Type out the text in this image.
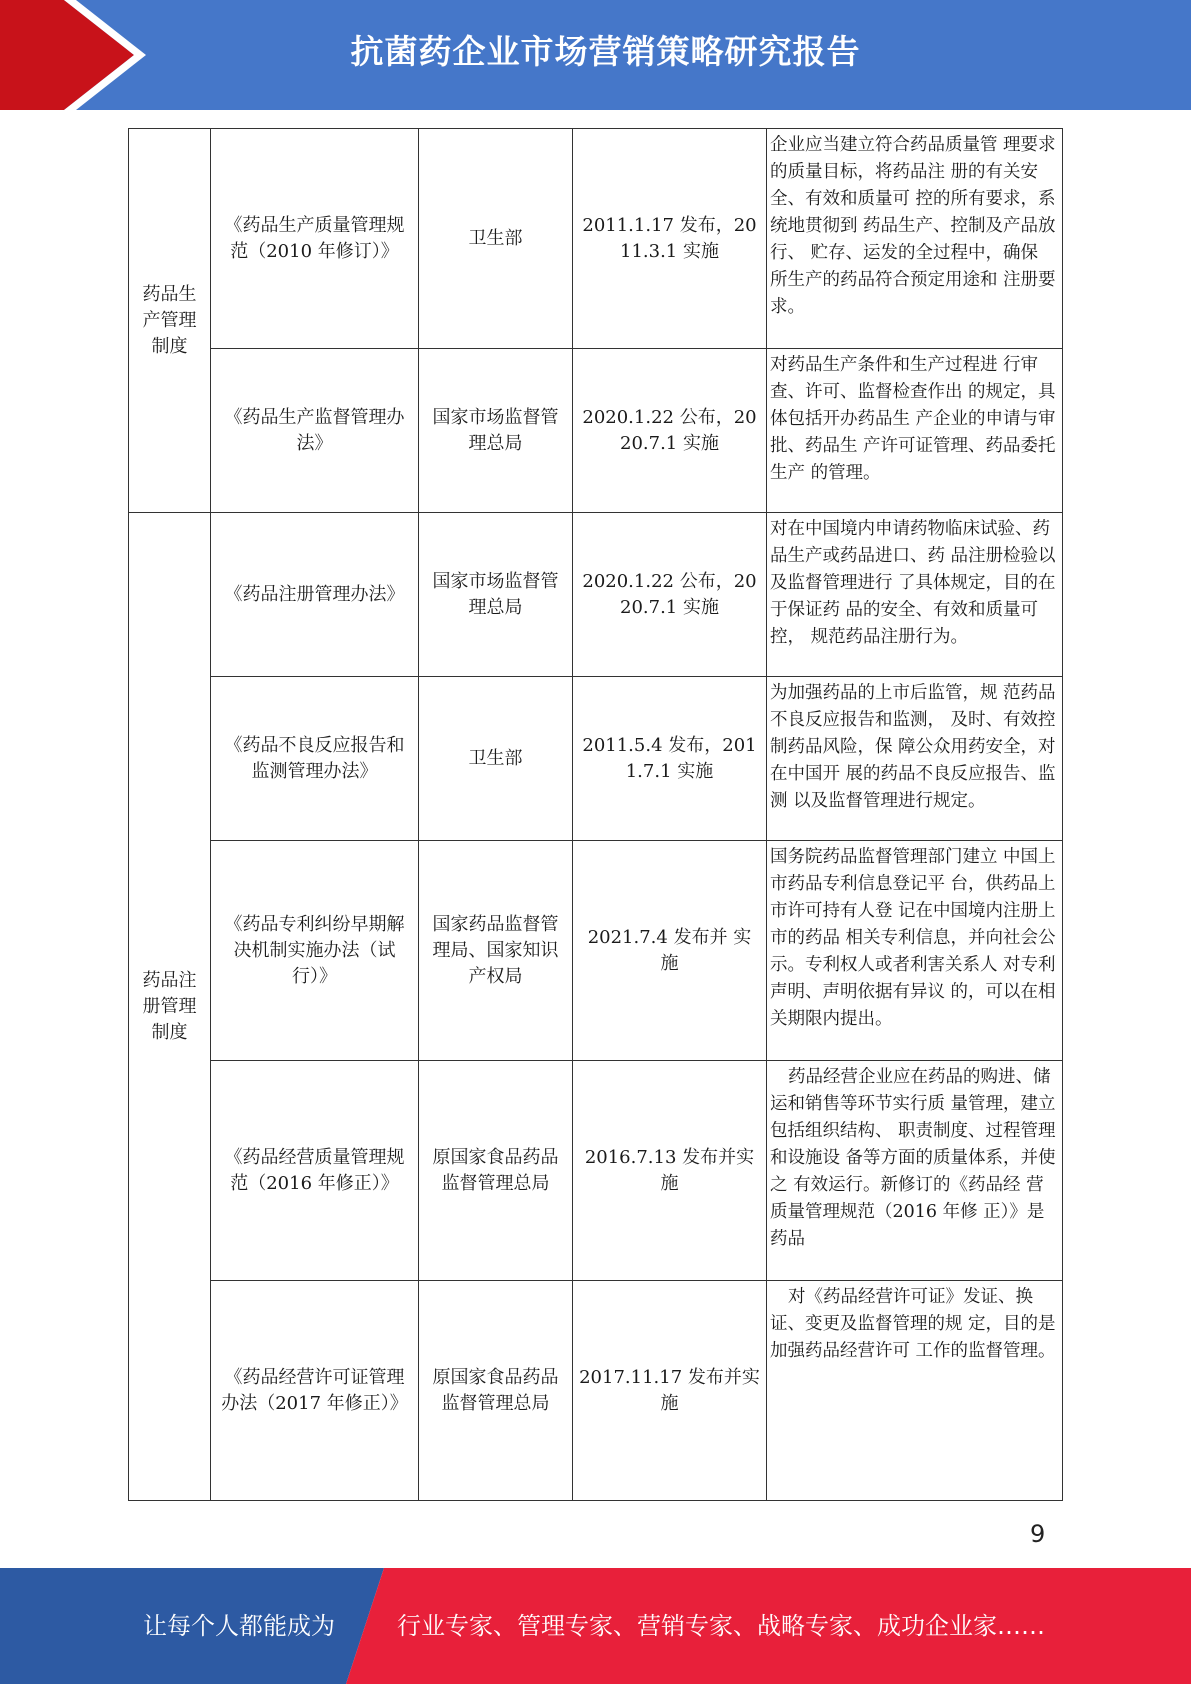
抗菌药企业市场营销策略研究报告
药品生产管理制度	《药品生产质量管理规范（2010 年修订）》	卫生部	2011.1.17 发布，2011.3.1 实施	企业应当建立符合药品质量管 理要求的质量目标，将药品注 册的有关安全、有效和质量可 控的所有要求，系统地贯彻到 药品生产、控制及产品放行、 贮存、运发的全过程中，确保 所生产的药品符合预定用途和 注册要求。
	《药品生产监督管理办法》	国家市场监督管理总局	2020.1.22 公布，2020.7.1 实施	对药品生产条件和生产过程进 行审查、许可、监督检查作出 的规定，具体包括开办药品生 产企业的申请与审批、药品生 产许可证管理、药品委托生产 的管理。
药品注册管理制度	《药品注册管理办法》	国家市场监督管理总局	2020.1.22 公布，2020.7.1 实施	对在中国境内申请药物临床试验、药品生产或药品进口、药 品注册检验以及监督管理进行 了具体规定，目的在于保证药 品的安全、有效和质量可控， 规范药品注册行为。
	《药品不良反应报告和监测管理办法》	卫生部	2011.5.4 发布，2011.7.1 实施	为加强药品的上市后监管，规 范药品不良反应报告和监测， 及时、有效控制药品风险，保 障公众用药安全，对在中国开 展的药品不良反应报告、监测 以及监督管理进行规定。
	《药品专利纠纷早期解决机制实施办法（试行）》	国家药品监督管理局、国家知识产权局	2021.7.4 发布并 实施	国务院药品监督管理部门建立 中国上市药品专利信息登记平 台，供药品上市许可持有人登 记在中国境内注册上市的药品 相关专利信息，并向社会公 示。专利权人或者利害关系人 对专利声明、声明依据有异议 的，可以在相关期限内提出。
	《药品经营质量管理规范（2016 年修正）》	原国家食品药品监督管理总局	2016.7.13 发布并实施	药品经营企业应在药品的购进、储运和销售等环节实行质 量管理，建立包括组织结构、 职责制度、过程管理和设施设 备等方面的质量体系，并使之 有效运行。新修订的《药品经 营质量管理规范（2016 年修 正）》是药品
	《药品经营许可证管理办法（2017 年修正）》	原国家食品药品监督管理总局	2017.11.17 发布并实施	对《药品经营许可证》发证、换证、变更及监督管理的规 定，目的是加强药品经营许可 工作的监督管理。
9
让每个人都能成为	行业专家、管理专家、营销专家、战略专家、成功企业家……
